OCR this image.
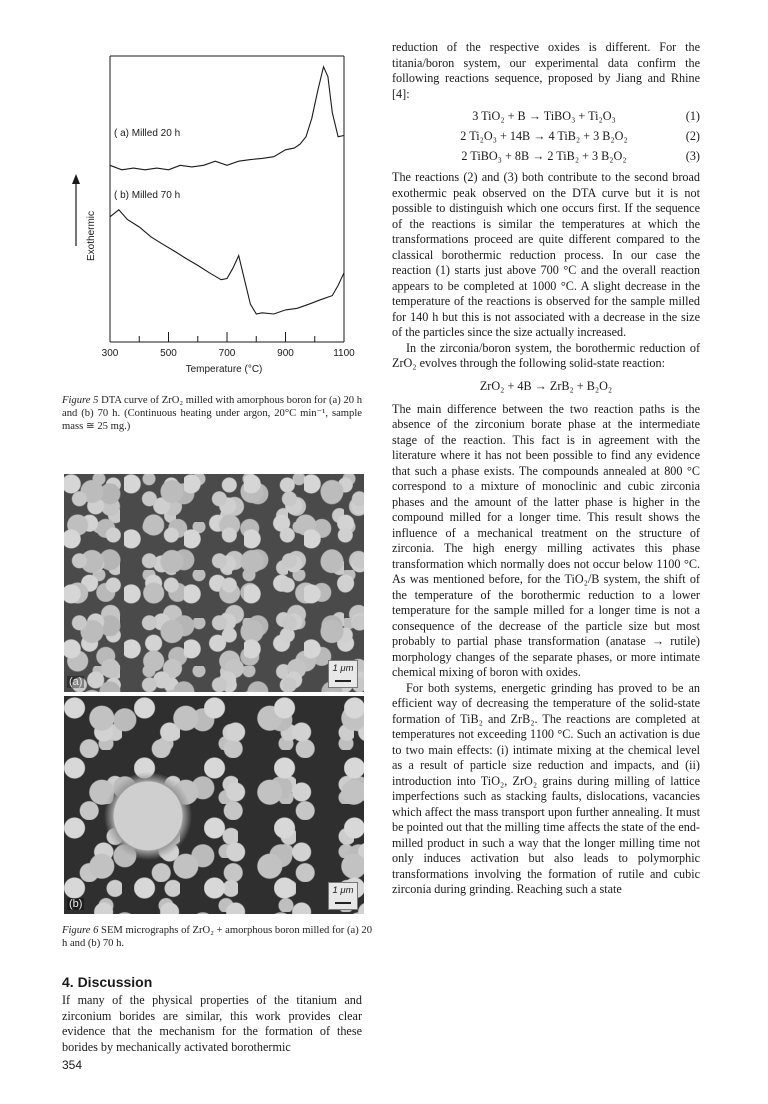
300	500	700	900	1100
( a) Milled 20 h
( b) Milled 70 h
Exothermic
Temperature (°C)
Figure 5 DTA curve of ZrO₂ milled with amorphous boron for (a) 20 h and (b) 70 h. (Continuous heating under argon, 20°C min⁻¹, sample mass ≅ 25 mg.)
(a)
1 μm
(b)
1 μm
Figure 6 SEM micrographs of ZrO₂ + amorphous boron milled for (a) 20 h and (b) 70 h.
4. Discussion

If many of the physical properties of the titanium and zirconium borides are similar, this work provides clear evidence that the mechanism for the formation of these borides by mechanically activated borothermic

354

reduction of the respective oxides is different. For the titania/boron system, our experimental data confirm the following reactions sequence, proposed by Jiang and Rhine [4]:

3 TiO₂ + B → TiBO₃ + Ti₂O₃	(1)
2 Ti₂O₃ + 14B → 4 TiB₂ + 3 B₂O₂	(2)
2 TiBO₃ + 8B → 2 TiB₂ + 3 B₂O₂	(3)

The reactions (2) and (3) both contribute to the second broad exothermic peak observed on the DTA curve but it is not possible to distinguish which one occurs first. If the sequence of the reactions is similar the temperatures at which the transformations proceed are quite different compared to the classical borothermic reduction process. In our case the reaction (1) starts just above 700 °C and the overall reaction appears to be completed at 1000 °C. A slight decrease in the temperature of the reactions is observed for the sample milled for 140 h but this is not associated with a decrease in the size of the particles since the size actually increased.

In the zirconia/boron system, the borothermic reduction of ZrO₂ evolves through the following solid-state reaction:

ZrO₂ + 4B → ZrB₂ + B₂O₂

The main difference between the two reaction paths is the absence of the zirconium borate phase at the intermediate stage of the reaction. This fact is in agreement with the literature where it has not been possible to find any evidence that such a phase exists. The compounds annealed at 800 °C correspond to a mixture of monoclinic and cubic zirconia phases and the amount of the latter phase is higher in the compound milled for a longer time. This result shows the influence of a mechanical treatment on the structure of zirconia. The high energy milling activates this phase transformation which normally does not occur below 1100 °C. As was mentioned before, for the TiO₂/B system, the shift of the temperature of the borothermic reduction to a lower temperature for the sample milled for a longer time is not a consequence of the decrease of the particle size but most probably to partial phase transformation (anatase → rutile) morphology changes of the separate phases, or more intimate chemical mixing of boron with oxides.

For both systems, energetic grinding has proved to be an efficient way of decreasing the temperature of the solid-state formation of TiB₂ and ZrB₂. The reactions are completed at temperatures not exceeding 1100 °C. Such an activation is due to two main effects: (i) intimate mixing at the chemical level as a result of particle size reduction and impacts, and (ii) introduction into TiO₂, ZrO₂ grains during milling of lattice imperfections such as stacking faults, dislocations, vacancies which affect the mass transport upon further annealing. It must be pointed out that the milling time affects the state of the end-milled product in such a way that the longer milling time not only induces activation but also leads to polymorphic transformations involving the formation of rutile and cubic zirconia during grinding. Reaching such a state
